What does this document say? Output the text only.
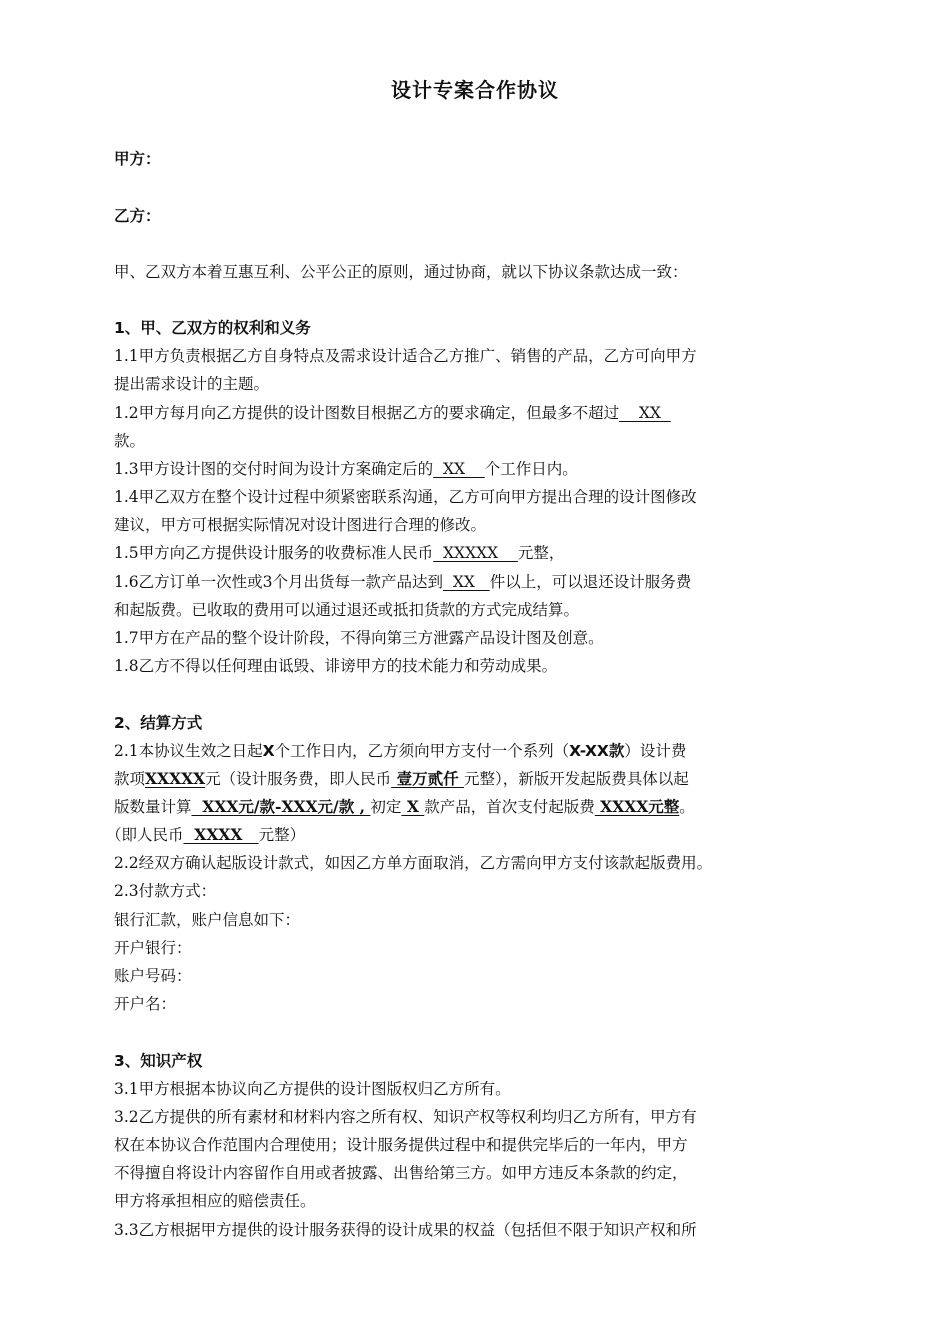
设计专案合作协议
甲方：
乙方：
甲、乙双方本着互惠互利、公平公正的原则，通过协商，就以下协议条款达成一致：
1、甲、乙双方的权利和义务
1.1甲方负责根据乙方自身特点及需求设计适合乙方推广、销售的产品，乙方可向甲方
提出需求设计的主题。
1.2甲方每月向乙方提供的设计图数目根据乙方的要求确定，但最多不超过    XX
款。
1.3甲方设计图的交付时间为设计方案确定后的  XX    个工作日内。
1.4甲乙双方在整个设计过程中须紧密联系沟通，乙方可向甲方提出合理的设计图修改
建议，甲方可根据实际情况对设计图进行合理的修改。
1.5甲方向乙方提供设计服务的收费标准人民币  XXXXX    元整，
1.6乙方订单一次性或3个月出货每一款产品达到  XX   件以上，可以退还设计服务费
和起版费。已收取的费用可以通过退还或抵扣货款的方式完成结算。
1.7甲方在产品的整个设计阶段，不得向第三方泄露产品设计图及创意。
1.8乙方不得以任何理由诋毁、诽谤甲方的技术能力和劳动成果。
2、结算方式
2.1本协议生效之日起X个工作日内，乙方须向甲方支付一个系列（X-XX款）设计费
款项XXXXX元（设计服务费，即人民币 壹万贰仟 元整），新版开发起版费具体以起
版数量计算  XXX元/款-XXX元/款 , 初定 X 款产品，首次支付起版费 XXXX元整。
（即人民币  XXXX   元整）
2.2经双方确认起版设计款式，如因乙方单方面取消，乙方需向甲方支付该款起版费用。
2.3付款方式：
银行汇款，账户信息如下：
开户银行：
账户号码：
开户名：
3、知识产权
3.1甲方根据本协议向乙方提供的设计图版权归乙方所有。
3.2乙方提供的所有素材和材料内容之所有权、知识产权等权利均归乙方所有，甲方有
权在本协议合作范围内合理使用；设计服务提供过程中和提供完毕后的一年内，甲方
不得擅自将设计内容留作自用或者披露、出售给第三方。如甲方违反本条款的约定，
甲方将承担相应的赔偿责任。
3.3乙方根据甲方提供的设计服务获得的设计成果的权益（包括但不限于知识产权和所
